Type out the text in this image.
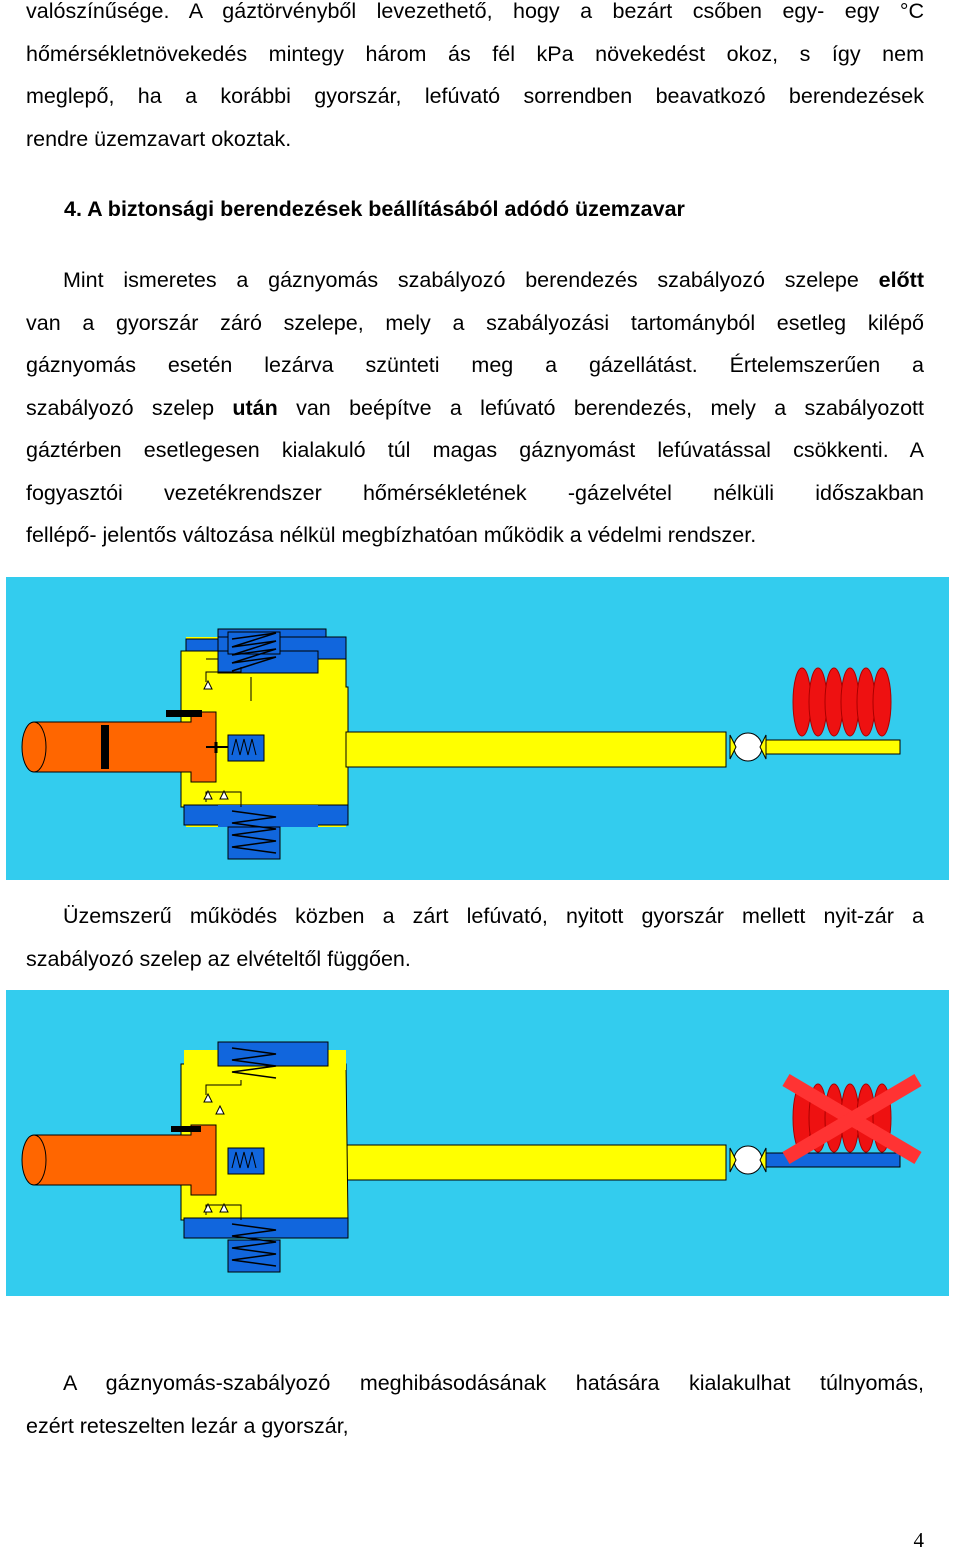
valószínűsége. A gáztörvényből levezethető, hogy a bezárt csőben egy- egy °C
hőmérsékletnövekedés mintegy három ás fél kPa növekedést okoz, s így nem
meglepő, ha a korábbi gyorszár, lefúvató sorrendben beavatkozó berendezések
rendre üzemzavart okoztak.
4. A biztonsági berendezések beállításából adódó üzemzavar
Mint ismeretes a gáznyomás szabályozó berendezés szabályozó szelepe előtt
van a gyorszár záró szelepe, mely a szabályozási tartományból esetleg kilépő
gáznyomás esetén lezárva szünteti meg a gázellátást. Értelemszerűen a
szabályozó szelep után van beépítve a lefúvató berendezés, mely a szabályozott
gáztérben esetlegesen kialakuló túl magas gáznyomást lefúvatással csökkenti. A
fogyasztói vezetékrendszer hőmérsékletének -gázelvétel nélküli időszakban
fellépő- jelentős változása nélkül megbízhatóan működik a védelmi rendszer.
Üzemszerű működés közben a zárt lefúvató, nyitott gyorszár mellett nyit-zár a
szabályozó szelep az elvételtől függően.
A gáznyomás-szabályozó meghibásodásának hatására kialakulhat túlnyomás,
ezért reteszelten lezár a gyorszár,
4
